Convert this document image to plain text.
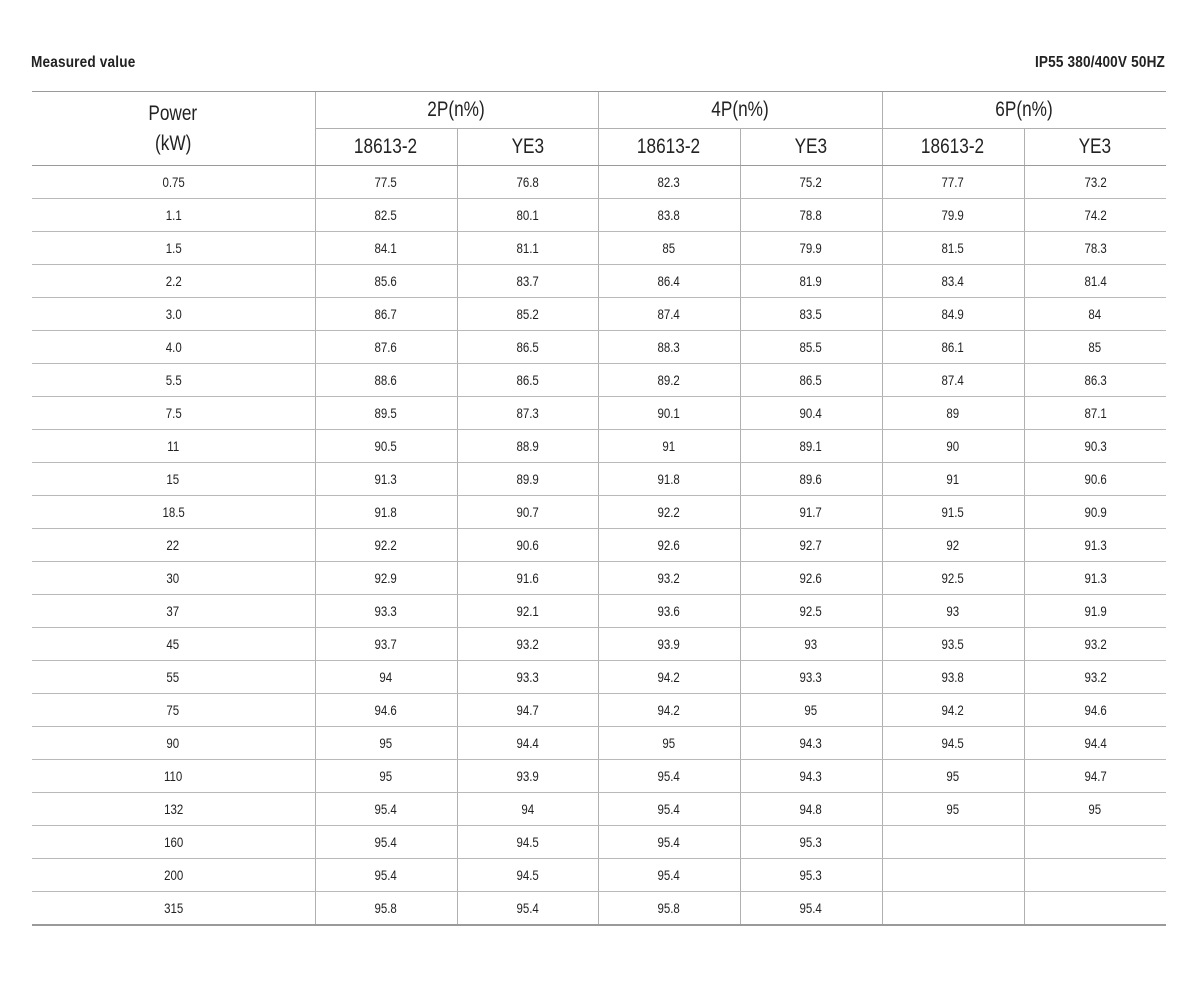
Measured value	IP55 380/400V 50HZ
Power
(kW)	2P(n%)		4P(n%)		6P(n%)	
	18613-2	YE3	18613-2	YE3	18613-2	YE3
0.75	77.5	76.8	82.3	75.2	77.7	73.2
1.1	82.5	80.1	83.8	78.8	79.9	74.2
1.5	84.1	81.1	85	79.9	81.5	78.3
2.2	85.6	83.7	86.4	81.9	83.4	81.4
3.0	86.7	85.2	87.4	83.5	84.9	84
4.0	87.6	86.5	88.3	85.5	86.1	85
5.5	88.6	86.5	89.2	86.5	87.4	86.3
7.5	89.5	87.3	90.1	90.4	89	87.1
11	90.5	88.9	91	89.1	90	90.3
15	91.3	89.9	91.8	89.6	91	90.6
18.5	91.8	90.7	92.2	91.7	91.5	90.9
22	92.2	90.6	92.6	92.7	92	91.3
30	92.9	91.6	93.2	92.6	92.5	91.3
37	93.3	92.1	93.6	92.5	93	91.9
45	93.7	93.2	93.9	93	93.5	93.2
55	94	93.3	94.2	93.3	93.8	93.2
75	94.6	94.7	94.2	95	94.2	94.6
90	95	94.4	95	94.3	94.5	94.4
110	95	93.9	95.4	94.3	95	94.7
132	95.4	94	95.4	94.8	95	95
160	95.4	94.5	95.4	95.3		
200	95.4	94.5	95.4	95.3		
315	95.8	95.4	95.8	95.4		
